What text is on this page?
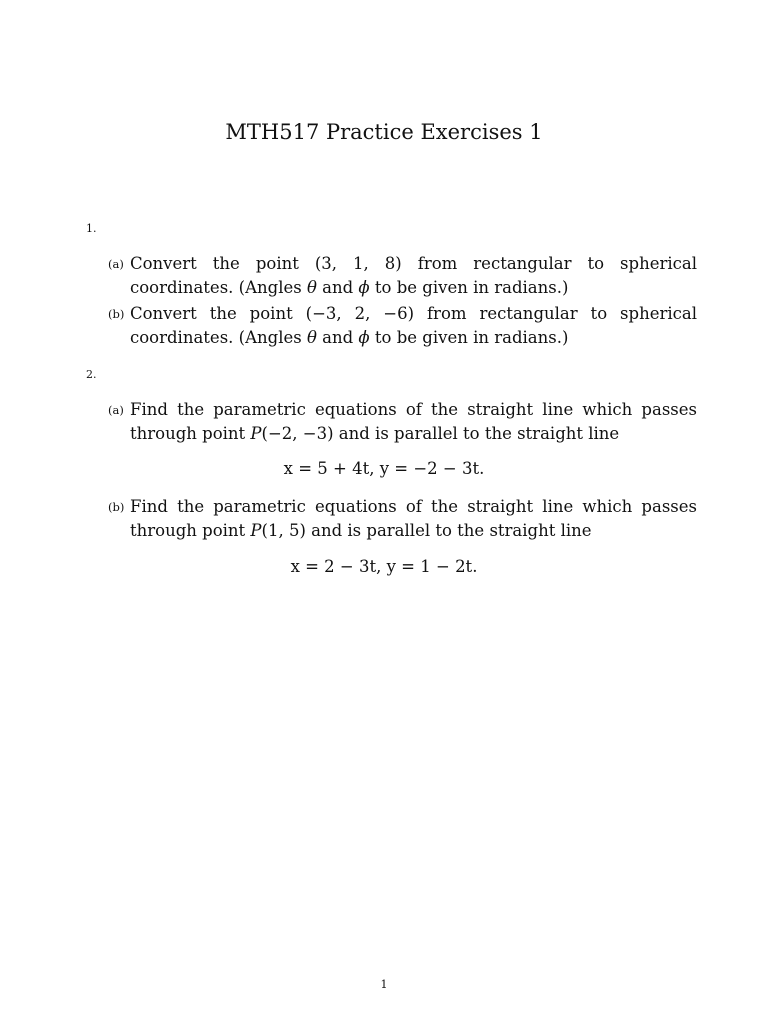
MTH517 Practice Exercises 1
1.
(a) Convert the point (3, 1, 8) from rectangular to spherical coordinates. (Angles θ and ϕ to be given in radians.)
(b) Convert the point (−3, 2, −6) from rectangular to spherical coordinates. (Angles θ and ϕ to be given in radians.)
2.
(a) Find the parametric equations of the straight line which passes through point P(−2, −3) and is parallel to the straight line
x = 5 + 4t, y = −2 − 3t.
(b) Find the parametric equations of the straight line which passes through point P(1, 5) and is parallel to the straight line
x = 2 − 3t, y = 1 − 2t.
1
